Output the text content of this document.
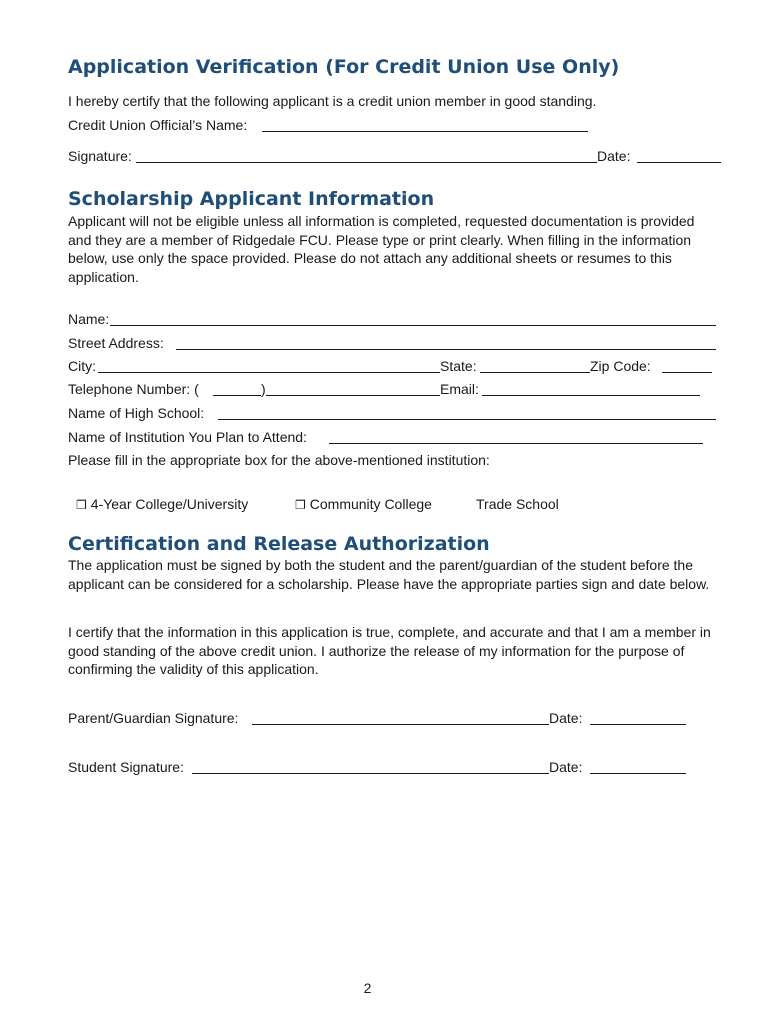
Application Verification (For Credit Union Use Only)

I hereby certify that the following applicant is a credit union member in good standing.

Credit Union Official’s Name:
Signature:	Date:
Scholarship Applicant Information

Applicant will not be eligible unless all information is completed, requested documentation is provided and they are a member of Ridgedale FCU. Please type or print clearly. When filling in the information below, use only the space provided. Please do not attach any additional sheets or resumes to this application.

Name:
Street Address:
City:	State:	Zip Code:
Telephone Number: (	)	Email:
Name of High School:
Name of Institution You Plan to Attend:

Please fill in the appropriate box for the above-mentioned institution:

❒ 4-Year College/University	❒ Community College	Trade School
Certification and Release Authorization

The application must be signed by both the student and the parent/guardian of the student before the applicant can be considered for a scholarship. Please have the appropriate parties sign and date below.

I certify that the information in this application is true, complete, and accurate and that I am a member in good standing of the above credit union. I authorize the release of my information for the purpose of confirming the validity of this application.

Parent/Guardian Signature:	Date:
Student Signature:	Date:
2
